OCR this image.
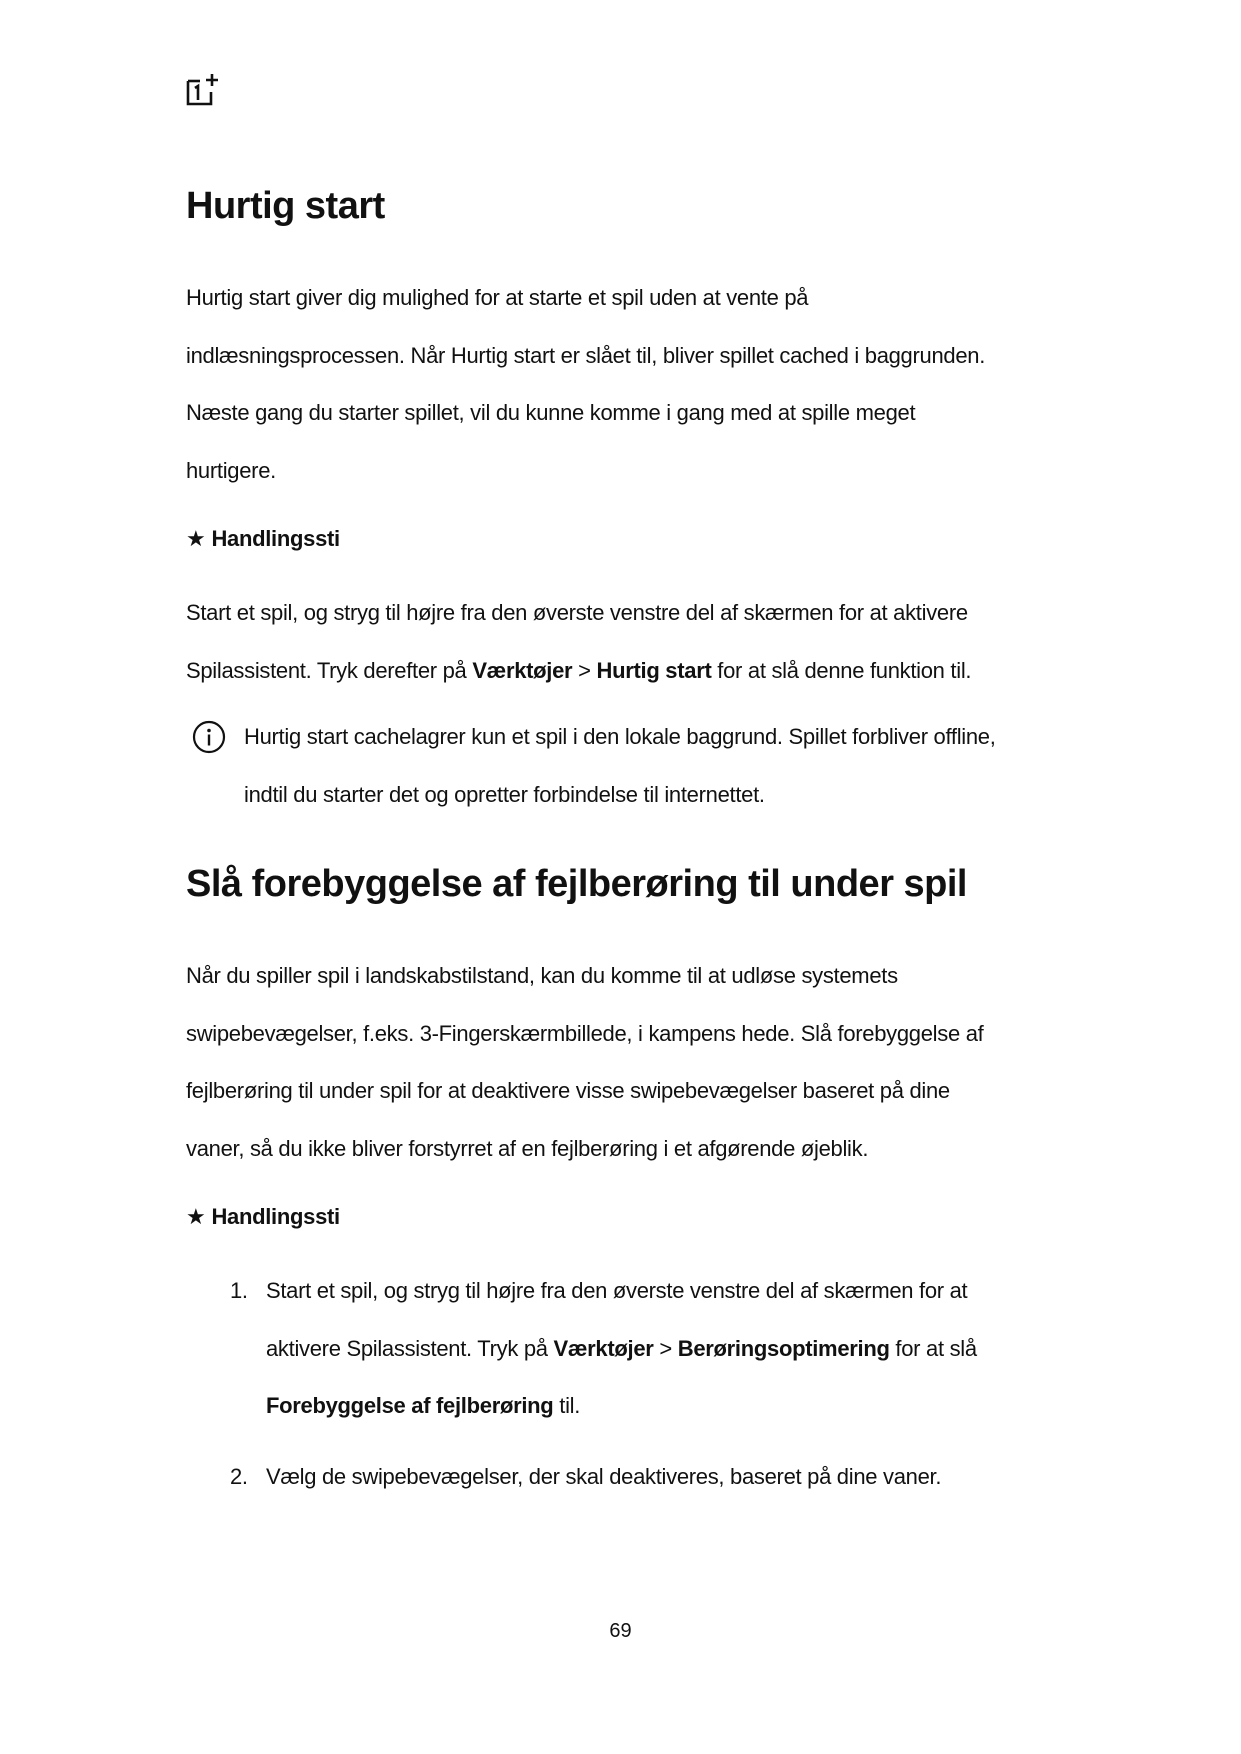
Hurtig start
Hurtig start giver dig mulighed for at starte et spil uden at vente på
indlæsningsprocessen. Når Hurtig start er slået til, bliver spillet cached i baggrunden.
Næste gang du starter spillet, vil du kunne komme i gang med at spille meget
hurtigere.
★ Handlingssti
Start et spil, og stryg til højre fra den øverste venstre del af skærmen for at aktivere
Spilassistent. Tryk derefter på Værktøjer > Hurtig start for at slå denne funktion til.
Hurtig start cachelagrer kun et spil i den lokale baggrund. Spillet forbliver offline,
indtil du starter det og opretter forbindelse til internettet.
Slå forebyggelse af fejlberøring til under spil
Når du spiller spil i landskabstilstand, kan du komme til at udløse systemets
swipebevægelser, f.eks. 3-Fingerskærmbillede, i kampens hede. Slå forebyggelse af
fejlberøring til under spil for at deaktivere visse swipebevægelser baseret på dine
vaner, så du ikke bliver forstyrret af en fejlberøring i et afgørende øjeblik.
★ Handlingssti
1. Start et spil, og stryg til højre fra den øverste venstre del af skærmen for at
aktivere Spilassistent. Tryk på Værktøjer > Berøringsoptimering for at slå
Forebyggelse af fejlberøring til.
2. Vælg de swipebevægelser, der skal deaktiveres, baseret på dine vaner.
69
